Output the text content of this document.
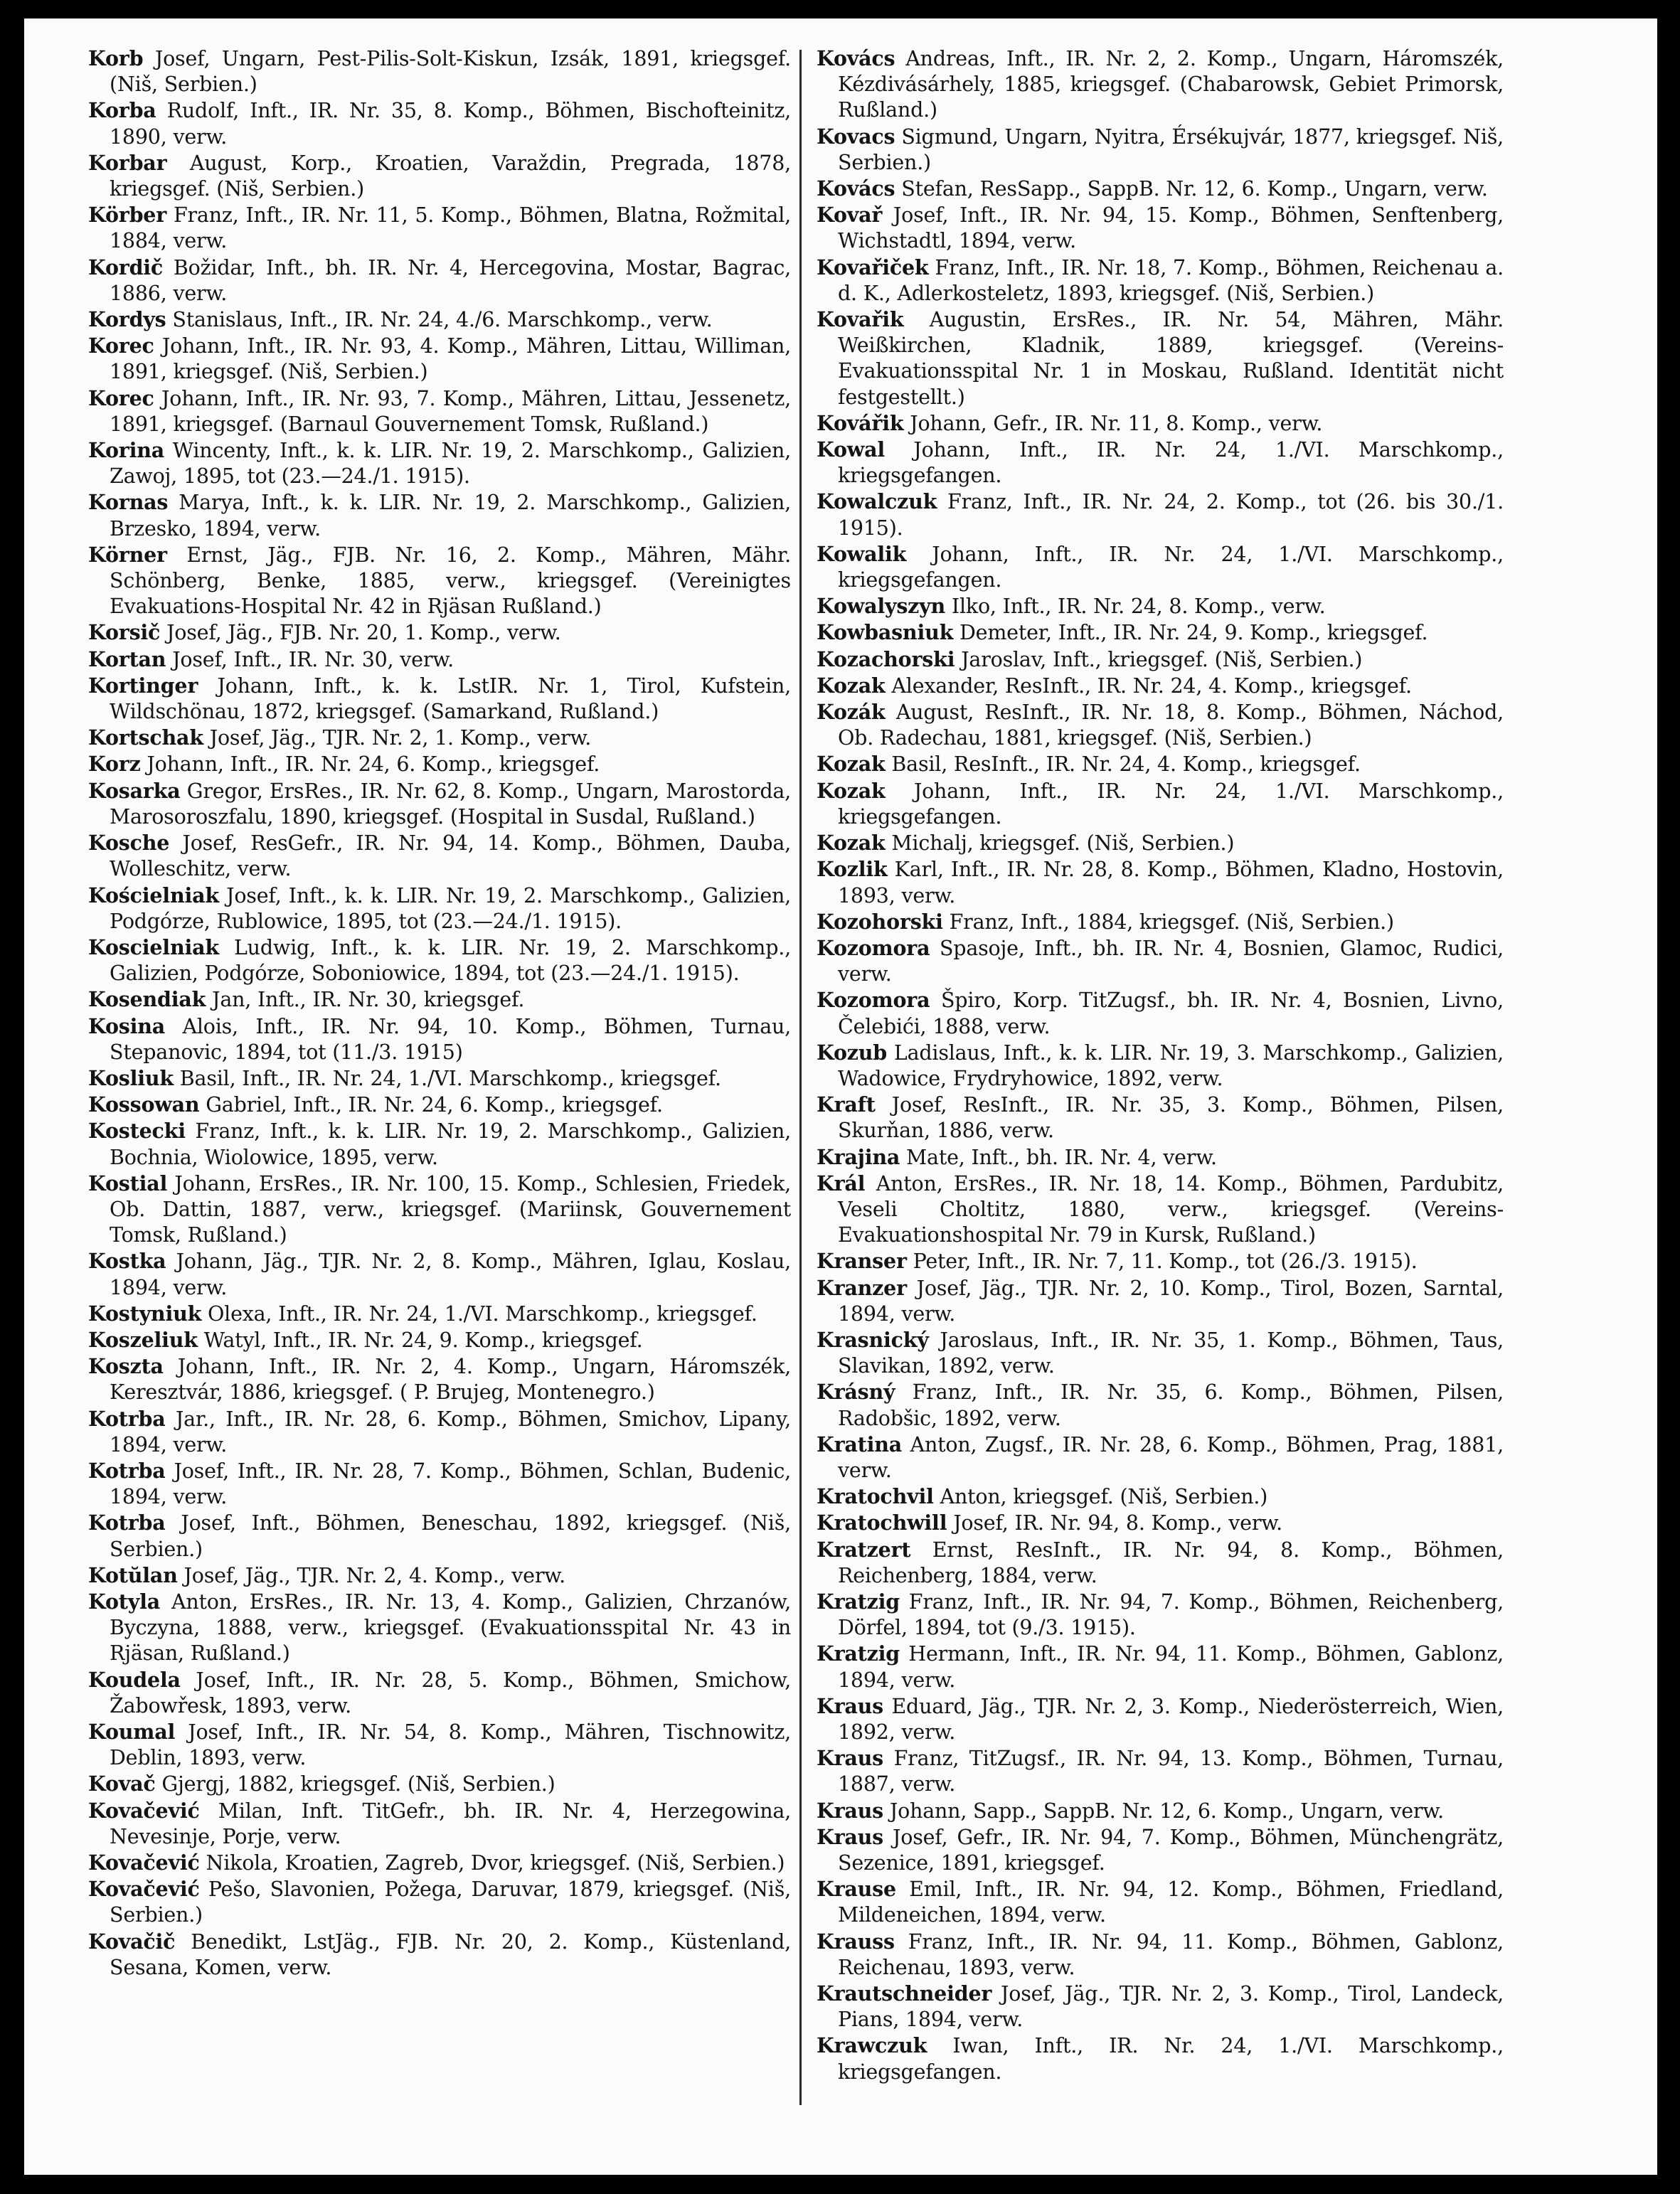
Korb Josef, Ungarn, Pest-Pilis-Solt-Kiskun, Izsák, 1891, kriegsgef. (Niš, Serbien.)

Korba Rudolf, Inft., IR. Nr. 35, 8. Komp., Böhmen, Bischofteinitz, 1890, verw.

Korbar August, Korp., Kroatien, Varaždin, Pregrada, 1878, kriegsgef. (Niš, Serbien.)

Körber Franz, Inft., IR. Nr. 11, 5. Komp., Böhmen, Blatna, Rožmital, 1884, verw.

Kordič Božidar, Inft., bh. IR. Nr. 4, Hercegovina, Mostar, Bagrac, 1886, verw.

Kordys Stanislaus, Inft., IR. Nr. 24, 4./6. Marschkomp., verw.

Korec Johann, Inft., IR. Nr. 93, 4. Komp., Mähren, Littau, Williman, 1891, kriegsgef. (Niš, Serbien.)

Korec Johann, Inft., IR. Nr. 93, 7. Komp., Mähren, Littau, Jessenetz, 1891, kriegsgef. (Barnaul Gouvernement Tomsk, Rußland.)

Korina Wincenty, Inft., k. k. LIR. Nr. 19, 2. Marschkomp., Galizien, Zawoj, 1895, tot (23.—24./1. 1915).

Kornas Marya, Inft., k. k. LIR. Nr. 19, 2. Marschkomp., Galizien, Brzesko, 1894, verw.

Körner Ernst, Jäg., FJB. Nr. 16, 2. Komp., Mähren, Mähr. Schönberg, Benke, 1885, verw., kriegsgef. (Vereinigtes Evakuations-Hospital Nr. 42 in Rjäsan Rußland.)

Korsič Josef, Jäg., FJB. Nr. 20, 1. Komp., verw.

Kortan Josef, Inft., IR. Nr. 30, verw.

Kortinger Johann, Inft., k. k. LstIR. Nr. 1, Tirol, Kufstein, Wildschönau, 1872, kriegsgef. (Samarkand, Rußland.)

Kortschak Josef, Jäg., TJR. Nr. 2, 1. Komp., verw.

Korz Johann, Inft., IR. Nr. 24, 6. Komp., kriegsgef.

Kosarka Gregor, ErsRes., IR. Nr. 62, 8. Komp., Ungarn, Marostorda, Marosoroszfalu, 1890, kriegsgef. (Hospital in Susdal, Rußland.)

Kosche Josef, ResGefr., IR. Nr. 94, 14. Komp., Böhmen, Dauba, Wolleschitz, verw.

Kościelniak Josef, Inft., k. k. LIR. Nr. 19, 2. Marschkomp., Galizien, Podgórze, Rublowice, 1895, tot (23.—24./1. 1915).

Koscielniak Ludwig, Inft., k. k. LIR. Nr. 19, 2. Marschkomp., Galizien, Podgórze, Soboniowice, 1894, tot (23.—24./1. 1915).

Kosendiak Jan, Inft., IR. Nr. 30, kriegsgef.

Kosina Alois, Inft., IR. Nr. 94, 10. Komp., Böhmen, Turnau, Stepanovic, 1894, tot (11./3. 1915)

Kosliuk Basil, Inft., IR. Nr. 24, 1./VI. Marschkomp., kriegsgef.

Kossowan Gabriel, Inft., IR. Nr. 24, 6. Komp., kriegsgef.

Kostecki Franz, Inft., k. k. LIR. Nr. 19, 2. Marschkomp., Galizien, Bochnia, Wiolowice, 1895, verw.

Kostial Johann, ErsRes., IR. Nr. 100, 15. Komp., Schlesien, Friedek, Ob. Dattin, 1887, verw., kriegsgef. (Mariinsk, Gouvernement Tomsk, Rußland.)

Kostka Johann, Jäg., TJR. Nr. 2, 8. Komp., Mähren, Iglau, Koslau, 1894, verw.

Kostyniuk Olexa, Inft., IR. Nr. 24, 1./VI. Marschkomp., kriegsgef.

Koszeliuk Watyl, Inft., IR. Nr. 24, 9. Komp., kriegsgef.

Koszta Johann, Inft., IR. Nr. 2, 4. Komp., Ungarn, Háromszék, Keresztvár, 1886, kriegsgef. ( P. Brujeg, Montenegro.)

Kotrba Jar., Inft., IR. Nr. 28, 6. Komp., Böhmen, Smichov, Lipany, 1894, verw.

Kotrba Josef, Inft., IR. Nr. 28, 7. Komp., Böhmen, Schlan, Budenic, 1894, verw.

Kotrba Josef, Inft., Böhmen, Beneschau, 1892, kriegsgef. (Niš, Serbien.)

Kotŭlan Josef, Jäg., TJR. Nr. 2, 4. Komp., verw.

Kotyla Anton, ErsRes., IR. Nr. 13, 4. Komp., Galizien, Chrzanów, Byczyna, 1888, verw., kriegsgef. (Evakuationsspital Nr. 43 in Rjäsan, Rußland.)

Koudela Josef, Inft., IR. Nr. 28, 5. Komp., Böhmen, Smichow, Žabowřesk, 1893, verw.

Koumal Josef, Inft., IR. Nr. 54, 8. Komp., Mähren, Tischnowitz, Deblin, 1893, verw.

Kovač Gjergj, 1882, kriegsgef. (Niš, Serbien.)

Kovačević Milan, Inft. TitGefr., bh. IR. Nr. 4, Herzegowina, Nevesinje, Porje, verw.

Kovačević Nikola, Kroatien, Zagreb, Dvor, kriegsgef. (Niš, Serbien.)

Kovačević Pešo, Slavonien, Požega, Daruvar, 1879, kriegsgef. (Niš, Serbien.)

Kovačič Benedikt, LstJäg., FJB. Nr. 20, 2. Komp., Küstenland, Sesana, Komen, verw.

Kovács Andreas, Inft., IR. Nr. 2, 2. Komp., Ungarn, Háromszék, Kézdivásárhely, 1885, kriegsgef. (Chabarowsk, Gebiet Primorsk, Rußland.)

Kovacs Sigmund, Ungarn, Nyitra, Érsékujvár, 1877, kriegsgef. Niš, Serbien.)

Kovács Stefan, ResSapp., SappB. Nr. 12, 6. Komp., Ungarn, verw.

Kovař Josef, Inft., IR. Nr. 94, 15. Komp., Böhmen, Senftenberg, Wichstadtl, 1894, verw.

Kovařiček Franz, Inft., IR. Nr. 18, 7. Komp., Böhmen, Reichenau a. d. K., Adlerkosteletz, 1893, kriegsgef. (Niš, Serbien.)

Kovařik Augustin, ErsRes., IR. Nr. 54, Mähren, Mähr. Weißkirchen, Kladnik, 1889, kriegsgef. (Vereins-Evakuationsspital Nr. 1 in Moskau, Rußland. Identität nicht festgestellt.)

Kovářik Johann, Gefr., IR. Nr. 11, 8. Komp., verw.

Kowal Johann, Inft., IR. Nr. 24, 1./VI. Marschkomp., kriegsgefangen.

Kowalczuk Franz, Inft., IR. Nr. 24, 2. Komp., tot (26. bis 30./1. 1915).

Kowalik Johann, Inft., IR. Nr. 24, 1./VI. Marschkomp., kriegsgefangen.

Kowalyszyn Ilko, Inft., IR. Nr. 24, 8. Komp., verw.

Kowbasniuk Demeter, Inft., IR. Nr. 24, 9. Komp., kriegsgef.

Kozachorski Jaroslav, Inft., kriegsgef. (Niš, Serbien.)

Kozak Alexander, ResInft., IR. Nr. 24, 4. Komp., kriegsgef.

Kozák August, ResInft., IR. Nr. 18, 8. Komp., Böhmen, Náchod, Ob. Radechau, 1881, kriegsgef. (Niš, Serbien.)

Kozak Basil, ResInft., IR. Nr. 24, 4. Komp., kriegsgef.

Kozak Johann, Inft., IR. Nr. 24, 1./VI. Marschkomp., kriegsgefangen.

Kozak Michalj, kriegsgef. (Niš, Serbien.)

Kozlik Karl, Inft., IR. Nr. 28, 8. Komp., Böhmen, Kladno, Hostovin, 1893, verw.

Kozohorski Franz, Inft., 1884, kriegsgef. (Niš, Serbien.)

Kozomora Spasoje, Inft., bh. IR. Nr. 4, Bosnien, Glamoc, Rudici, verw.

Kozomora Špiro, Korp. TitZugsf., bh. IR. Nr. 4, Bosnien, Livno, Čelebići, 1888, verw.

Kozub Ladislaus, Inft., k. k. LIR. Nr. 19, 3. Marschkomp., Galizien, Wadowice, Frydryhowice, 1892, verw.

Kraft Josef, ResInft., IR. Nr. 35, 3. Komp., Böhmen, Pilsen, Skurňan, 1886, verw.

Krajina Mate, Inft., bh. IR. Nr. 4, verw.

Král Anton, ErsRes., IR. Nr. 18, 14. Komp., Böhmen, Pardubitz, Veseli Choltitz, 1880, verw., kriegsgef. (Vereins-Evakuationshospital Nr. 79 in Kursk, Rußland.)

Kranser Peter, Inft., IR. Nr. 7, 11. Komp., tot (26./3. 1915).

Kranzer Josef, Jäg., TJR. Nr. 2, 10. Komp., Tirol, Bozen, Sarntal, 1894, verw.

Krasnický Jaroslaus, Inft., IR. Nr. 35, 1. Komp., Böhmen, Taus, Slavikan, 1892, verw.

Krásný Franz, Inft., IR. Nr. 35, 6. Komp., Böhmen, Pilsen, Radobšic, 1892, verw.

Kratina Anton, Zugsf., IR. Nr. 28, 6. Komp., Böhmen, Prag, 1881, verw.

Kratochvil Anton, kriegsgef. (Niš, Serbien.)

Kratochwill Josef, IR. Nr. 94, 8. Komp., verw.

Kratzert Ernst, ResInft., IR. Nr. 94, 8. Komp., Böhmen, Reichenberg, 1884, verw.

Kratzig Franz, Inft., IR. Nr. 94, 7. Komp., Böhmen, Reichenberg, Dörfel, 1894, tot (9./3. 1915).

Kratzig Hermann, Inft., IR. Nr. 94, 11. Komp., Böhmen, Gablonz, 1894, verw.

Kraus Eduard, Jäg., TJR. Nr. 2, 3. Komp., Niederösterreich, Wien, 1892, verw.

Kraus Franz, TitZugsf., IR. Nr. 94, 13. Komp., Böhmen, Turnau, 1887, verw.

Kraus Johann, Sapp., SappB. Nr. 12, 6. Komp., Ungarn, verw.

Kraus Josef, Gefr., IR. Nr. 94, 7. Komp., Böhmen, Münchengrätz, Sezenice, 1891, kriegsgef.

Krause Emil, Inft., IR. Nr. 94, 12. Komp., Böhmen, Friedland, Mildeneichen, 1894, verw.

Krauss Franz, Inft., IR. Nr. 94, 11. Komp., Böhmen, Gablonz, Reichenau, 1893, verw.

Krautschneider Josef, Jäg., TJR. Nr. 2, 3. Komp., Tirol, Landeck, Pians, 1894, verw.

Krawczuk Iwan, Inft., IR. Nr. 24, 1./VI. Marschkomp., kriegsgefangen.
